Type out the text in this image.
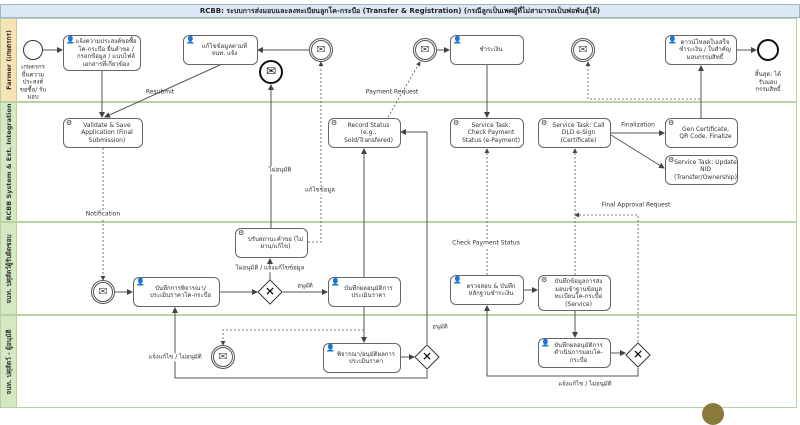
RCBB: ระบบการส่งมอบและลงทะเบียนลูกโค-กระบือ (Transfer & Registration) (กรณีลูกเป็นเพศผู้ที่ไม่สามารถเป็นพ่อพันธุ์ได้)
Farmer (เกษตรกร)
RCBB System & Ext. Integration
จนท. ปศุสัตว์ผู้รับผิดชอบ
จนท. ปศุสัตว์ - ผู้อนุมัติ
เกษตรกร ยื่นความ ประสงค์ ขอซื้อ/ รับมอบ
สิ้นสุด: ได้ รับมอบ กรรมสิทธิ์
✉
✉
✉	✉
✉
✉
✕
✕	✕
👤 แจ้งความประสงค์ขอซื้อโค-กระบือ ยื่นคำขอ / กรอกข้อมูล / แนบไฟล์เอกสารที่เกี่ยวข้อง
👤
แก้ไขข้อมูลตามที่ จนท. แจ้ง
👤
ชำระเงิน
👤 ดาวน์โหลดใบเสร็จชำระเงิน / ใบสำคัญมอบกรรมสิทธิ์
⚙	Validate & Save Application (Final Submission)
⚙	Record Status (e.g., Sold/Transfered)
⚙	Service Task: Check Payment Status (e-Payment)
⚙ Service Task: Call DLD e-Sign (Certificate)
⚙
Gen Certificate, QR Code, Finalize
⚙ Service Task: Update NID (Transfer/Ownership)
⚙
ปรับสถานะคำขอ (ไม่ผ่าน/แก้ไข)
👤
บันทึกการพิจารณา/ประเมินราคาโค-กระบือ
👤
บันทึกผลอนุมัติการประเมินราคา
👤
ตรวจสอบ & บันทึกหลักฐานชำระเงิน
⚙	บันทึกข้อมูลการส่งมอบเข้าฐานข้อมูลทะเบียนโค-กระบือ (Service)
👤
พิจารณา/อนุมัติผลการประเมินราคา
👤 บันทึกผลอนุมัติการดำเนินการมอบโค-กระบือ
Resubmit	Payment Request
ไม่อนุมัติ
แก้ไขข้อมูล
Finalization
Notification
Final Approval Request
ไม่อนุมัติ / แจ้งแก้ไขข้อมูล
อนุมัติ
Check Payment Status
แจ้งแก้ไข / ไม่อนุมัติ
อนุมัติ
แจ้งแก้ไข / ไม่อนุมัติ
